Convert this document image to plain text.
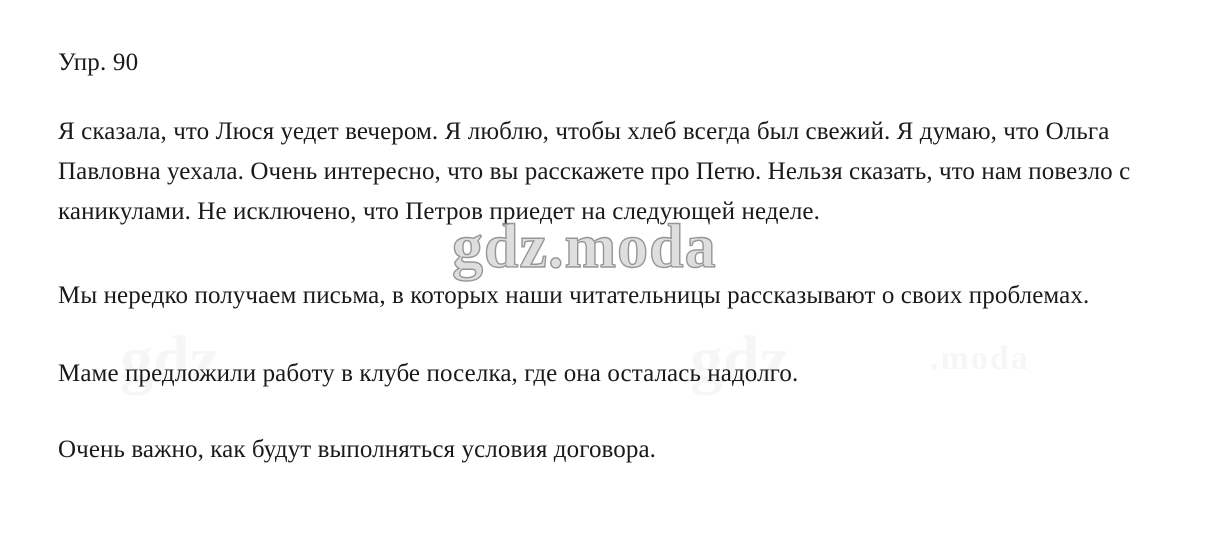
Упр. 90

Я сказала, что Люся уедет вечером. Я люблю, чтобы хлеб всегда был свежий. Я думаю, что Ольга Павловна уехала. Очень интересно, что вы расскажете про Петю. Нельзя сказать, что нам повезло с каникулами. Не исключено, что Петров приедет на следующей неделе.

Мы нередко получаем письма, в которых наши читательницы рассказывают о своих проблемах.

Маме предложили работу в клубе поселка, где она осталась надолго.

Очень важно, как будут выполняться условия договора.

gdz.moda
